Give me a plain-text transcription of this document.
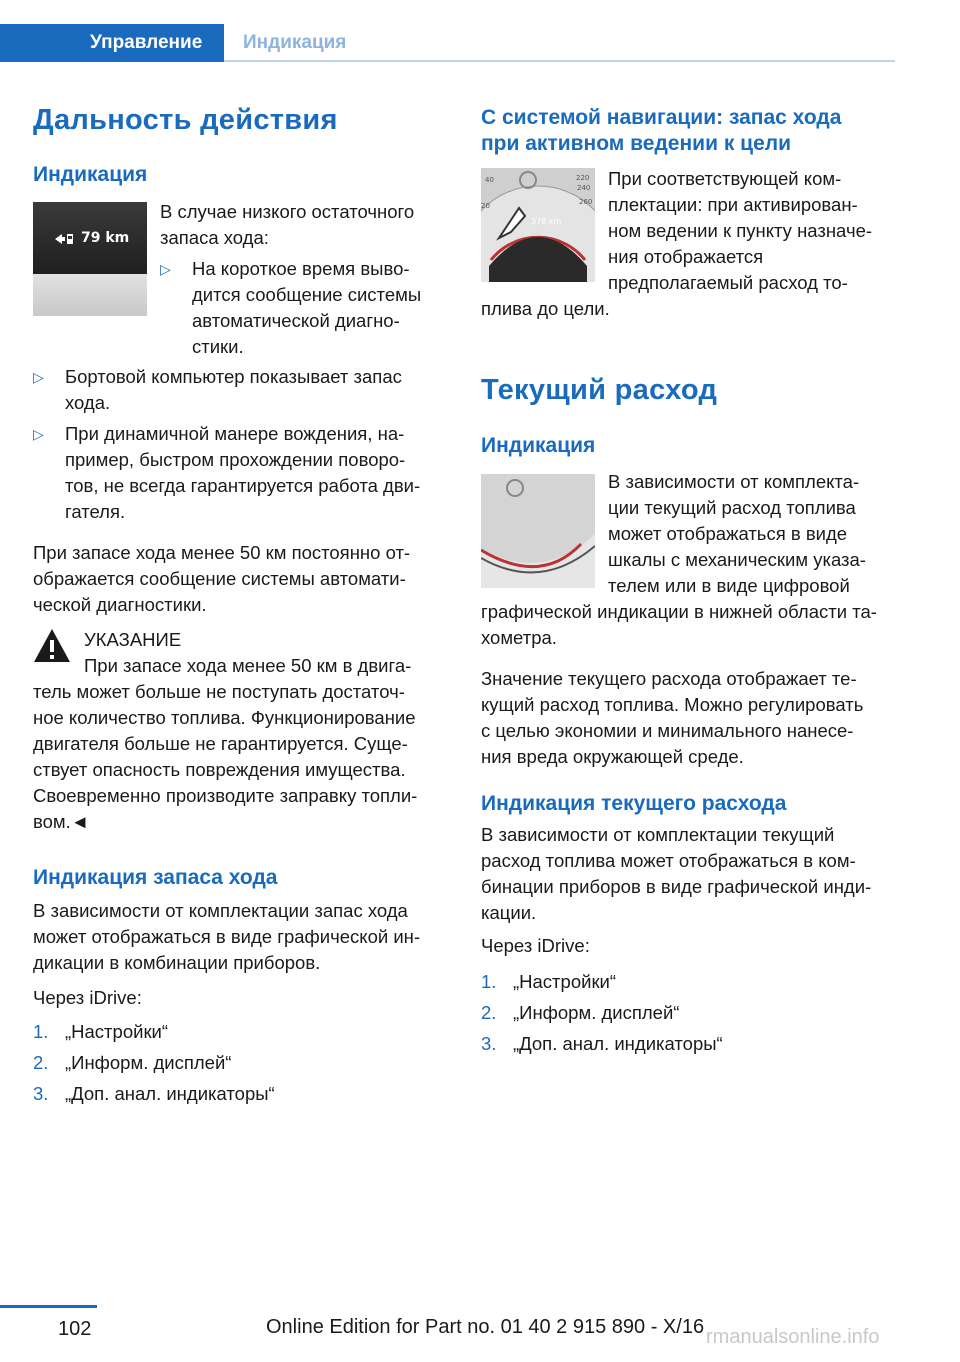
Управление	Индикация
Дальность действия
Индикация
79 km

В случае низкого остаточного

запаса хода:

▷ На короткое время выво-

дится сообщение системы

автоматической диагно-

стики.

▷ Бортовой компьютер показывает запас

хода.

▷ При динамичной манере вождения, на-

пример, быстром прохождении поворо-

тов, не всегда гарантируется работа дви-

гателя.

При запасе хода менее 50 км постоянно от-

ображается сообщение системы автомати-

ческой диагностики.

УКАЗАНИЕ

При запасе хода менее 50 км в двига-

тель может больше не поступать достаточ-

ное количество топлива. Функционирование

двигателя больше не гарантируется. Суще-

ствует опасность повреждения имущества.

Своевременно производите заправку топли-

вом.◄

Индикация запаса хода

В зависимости от комплектации запас хода

может отображаться в виде графической ин-

дикации в комбинации приборов.

Через iDrive:

1. „Настройки“

2. „Информ. дисплей“

3. „Доп. анал. индикаторы“

С системой навигации: запас хода
при активном ведении к цели
40
20
220
240
260
378 km
400

При соответствующей ком-

плектации: при активирован-

ном ведении к пункту назначе-

ния отображается

предполагаемый расход то-

плива до цели.

Текущий расход
Индикация

В зависимости от комплекта-

ции текущий расход топлива

может отображаться в виде

шкалы с механическим указа-

телем или в виде цифровой

графической индикации в нижней области та-

хометра.

Значение текущего расхода отображает те-

кущий расход топлива. Можно регулировать

с целью экономии и минимального нанесе-

ния вреда окружающей среде.

Индикация текущего расхода

В зависимости от комплектации текущий

расход топлива может отображаться в ком-

бинации приборов в виде графической инди-

кации.

Через iDrive:

1. „Настройки“

2. „Информ. дисплей“

3. „Доп. анал. индикаторы“

102	Online Edition for Part no. 01 40 2 915 890 - X/16 rmanualsonline.info
